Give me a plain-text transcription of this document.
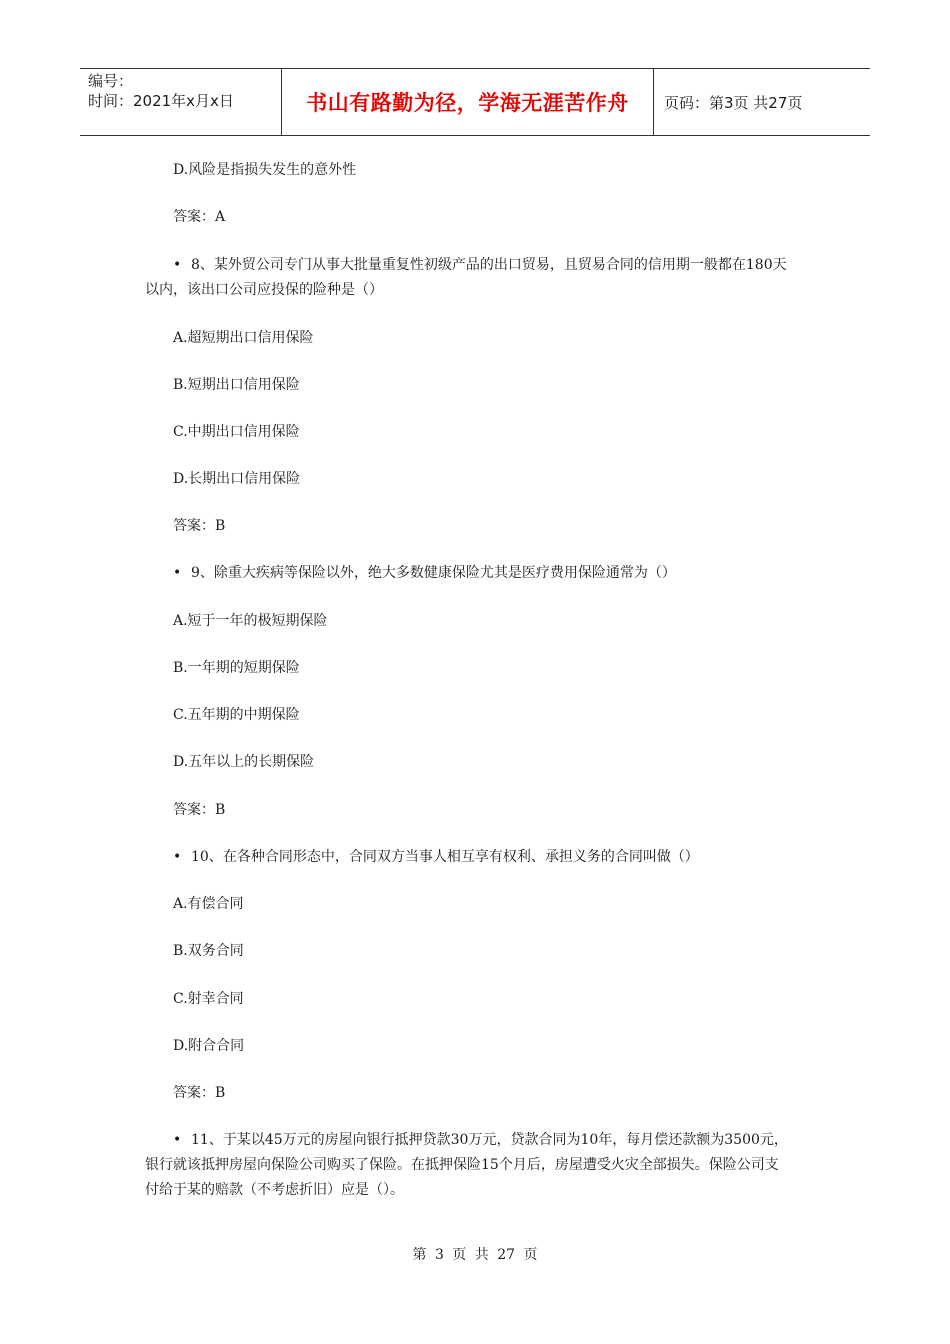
编号：
时间：2021年x月x日	书山有路勤为径，学海无涯苦作舟 页码：第3页 共27页

D.风险是指损失发生的意外性

答案：A

• 8、某外贸公司专门从事大批量重复性初级产品的出口贸易，且贸易合同的信用期一般都在180天

以内，该出口公司应投保的险种是（）

A.超短期出口信用保险

B.短期出口信用保险

C.中期出口信用保险

D.长期出口信用保险

答案：B

• 9、除重大疾病等保险以外，绝大多数健康保险尤其是医疗费用保险通常为（）

A.短于一年的极短期保险

B.一年期的短期保险

C.五年期的中期保险

D.五年以上的长期保险

答案：B

• 10、在各种合同形态中，合同双方当事人相互享有权利、承担义务的合同叫做（）

A.有偿合同

B.双务合同

C.射幸合同

D.附合合同

答案：B

• 11、于某以45万元的房屋向银行抵押贷款30万元，贷款合同为10年，每月偿还款额为3500元，

银行就该抵押房屋向保险公司购买了保险。在抵押保险15个月后，房屋遭受火灾全部损失。保险公司支

付给于某的赔款（不考虑折旧）应是（）。

第 3 页 共 27 页
